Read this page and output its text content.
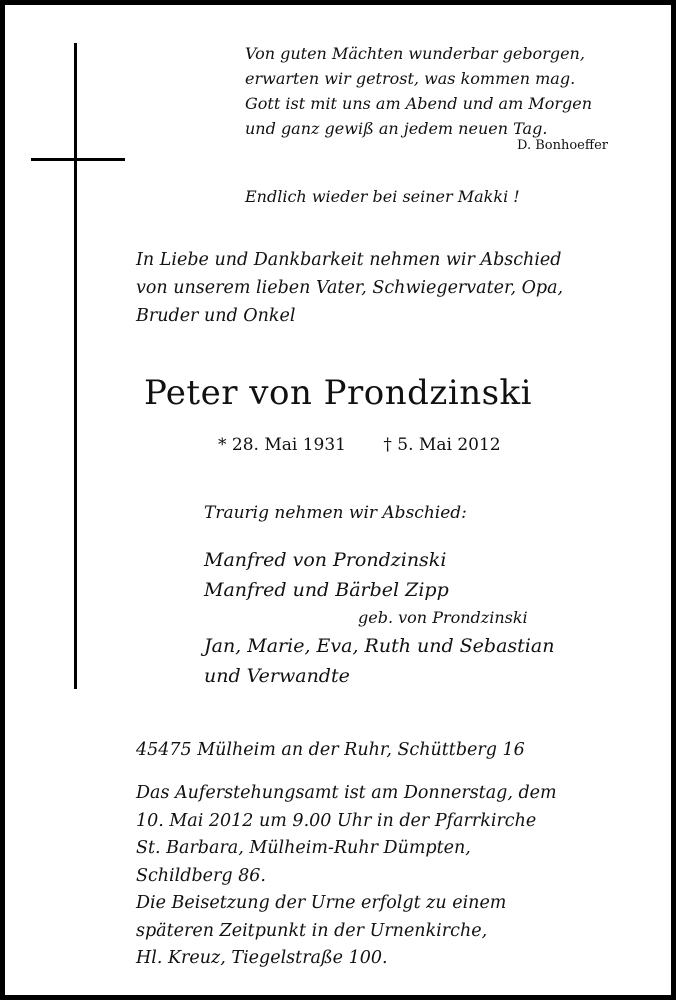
Von guten Mächten wunderbar geborgen,
erwarten wir getrost, was kommen mag.
Gott ist mit uns am Abend und am Morgen
und ganz gewiß an jedem neuen Tag.
D. Bonhoeffer
Endlich wieder bei seiner Makki !
In Liebe und Dankbarkeit nehmen wir Abschied
von unserem lieben Vater, Schwiegervater, Opa,
Bruder und Onkel
Peter von Prondzinski
* 28. Mai 1931 † 5. Mai 2012
Traurig nehmen wir Abschied:
Manfred von Prondzinski
Manfred und Bärbel Zipp
geb. von Prondzinski
Jan, Marie, Eva, Ruth und Sebastian
und Verwandte
45475 Mülheim an der Ruhr, Schüttberg 16
Das Auferstehungsamt ist am Donnerstag, dem
10. Mai 2012 um 9.00 Uhr in der Pfarrkirche
St. Barbara, Mülheim-Ruhr Dümpten,
Schildberg 86.
Die Beisetzung der Urne erfolgt zu einem
späteren Zeitpunkt in der Urnenkirche,
Hl. Kreuz, Tiegelstraße 100.
